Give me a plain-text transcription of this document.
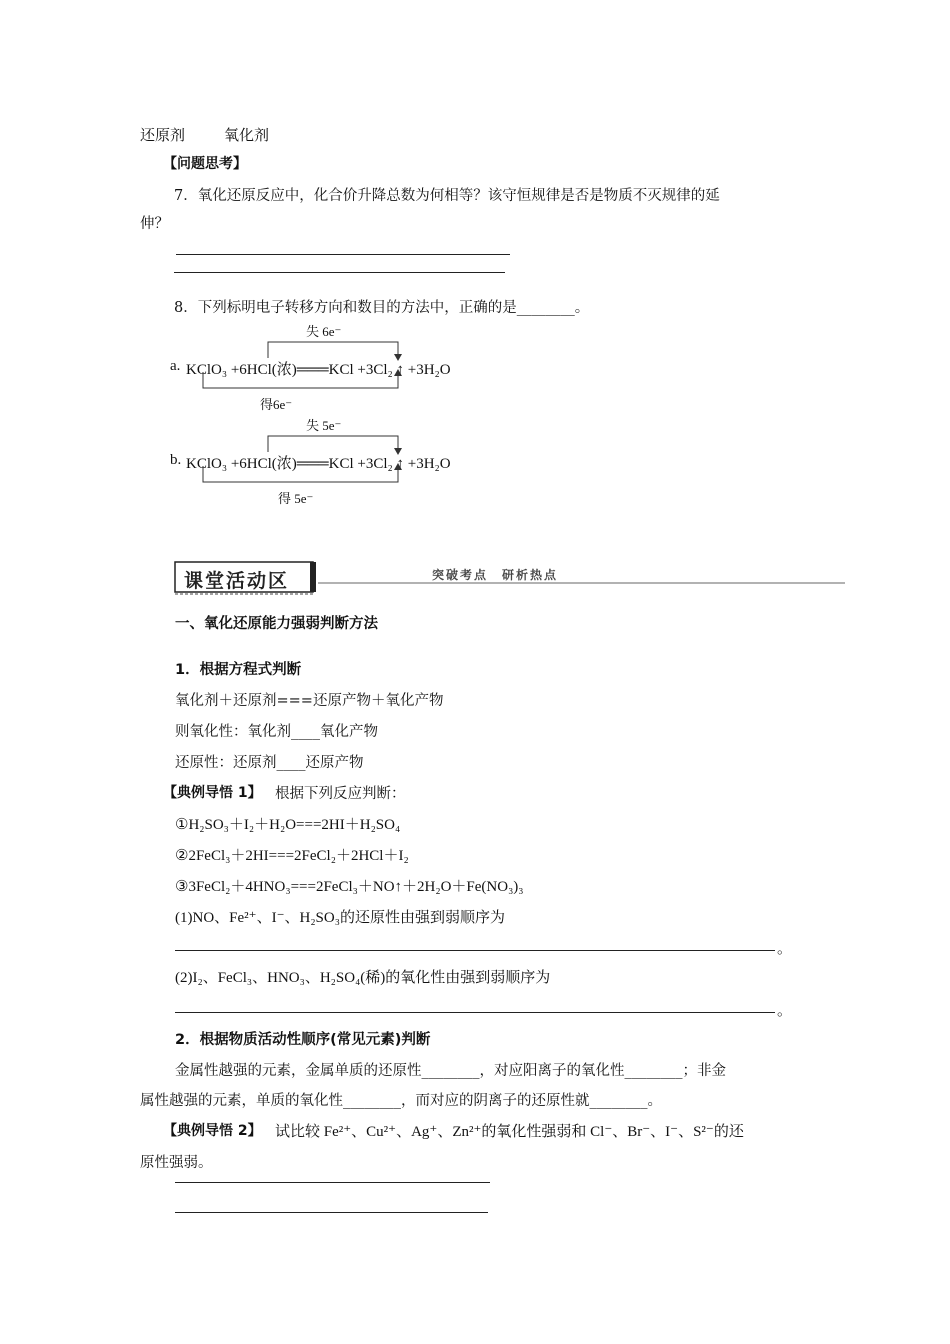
还原剂	氧化剂
【问题思考】
7．氧化还原反应中，化合价升降总数为何相等？该守恒规律是否是物质不灭规律的延
伸？
8．下列标明电子转移方向和数目的方法中，正确的是________。
失 6e⁻
a. KClO₃ +6HCl(浓)═══KCl +3Cl₂ ↑ +3H₂O
得6e⁻
失 5e⁻
b. KClO₃ +6HCl(浓)═══KCl +3Cl₂ ↑ +3H₂O
得 5e⁻
课堂活动区	突破考点　研析热点
一、氧化还原能力强弱判断方法
1．根据方程式判断
氧化剂＋还原剂===还原产物＋氧化产物
则氧化性：氧化剂____氧化产物
还原性：还原剂____还原产物
【典例导悟 1】 根据下列反应判断：
①H₂SO₃＋I₂＋H₂O===2HI＋H₂SO₄
②2FeCl₃＋2HI===2FeCl₂＋2HCl＋I₂
③3FeCl₂＋4HNO₃===2FeCl₃＋NO↑＋2H₂O＋Fe(NO₃)₃
(1)NO、Fe²⁺、I⁻、H₂SO₃的还原性由强到弱顺序为
。
(2)I₂、FeCl₃、HNO₃、H₂SO₄(稀)的氧化性由强到弱顺序为
。
2．根据物质活动性顺序(常见元素)判断
金属性越强的元素，金属单质的还原性________，对应阳离子的氧化性________；非金
属性越强的元素，单质的氧化性________，而对应的阴离子的还原性就________。
【典例导悟 2】 试比较 Fe²⁺、Cu²⁺、Ag⁺、Zn²⁺的氧化性强弱和 Cl⁻、Br⁻、I⁻、S²⁻的还
原性强弱。
